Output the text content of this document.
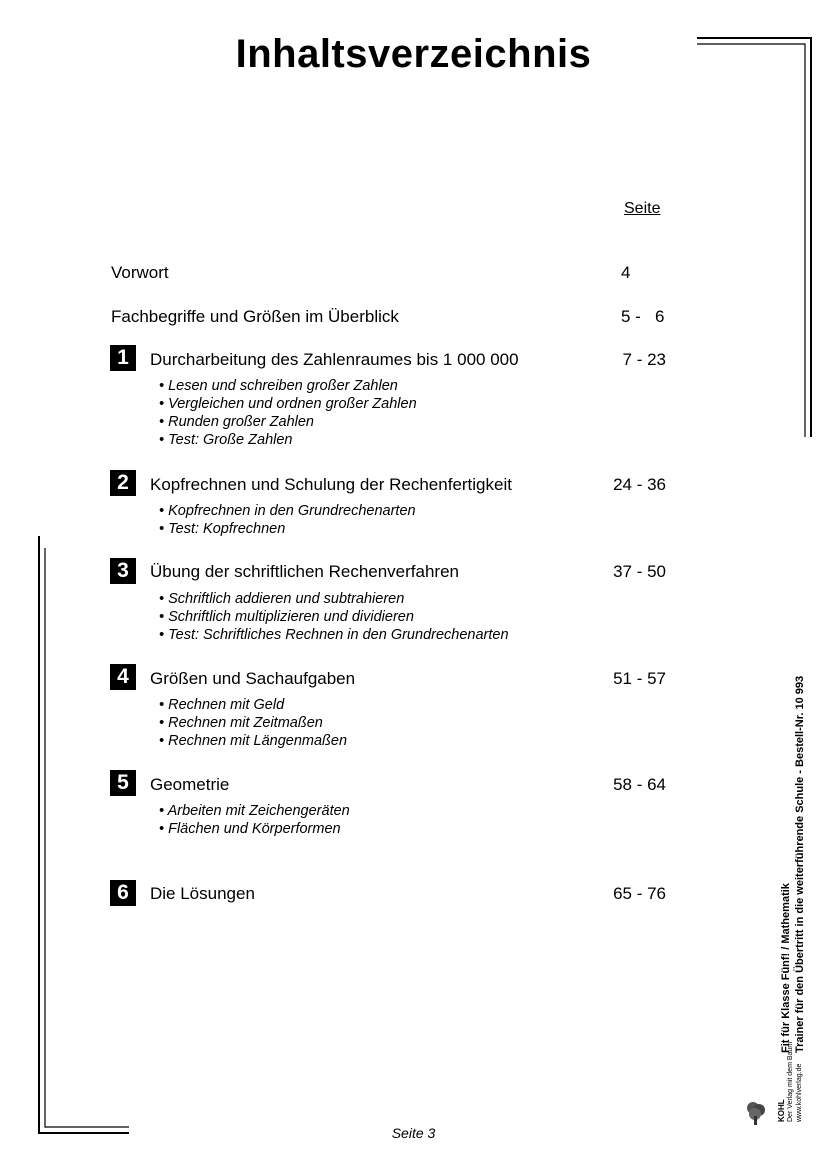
Inhaltsverzeichnis
Seite
Vorwort	4
Fachbegriffe und Größen im Überblick	5 -   6
1	Durcharbeitung des Zahlenraumes bis 1 000 000	7 - 23
• Lesen und schreiben großer Zahlen
• Vergleichen und ordnen großer Zahlen
• Runden großer Zahlen
• Test: Große Zahlen
2	Kopfrechnen und Schulung der Rechenfertigkeit	24 - 36
• Kopfrechnen in den Grundrechenarten
• Test: Kopfrechnen
3	Übung der schriftlichen Rechenverfahren	37 - 50
• Schriftlich addieren und subtrahieren
• Schriftlich multiplizieren und dividieren
• Test: Schriftliches Rechnen in den Grundrechenarten
4	Größen und Sachaufgaben	51 - 57
• Rechnen mit Geld
• Rechnen mit Zeitmaßen
• Rechnen mit Längenmaßen
5	Geometrie	58 - 64
• Arbeiten mit Zeichengeräten
• Flächen und Körperformen
6	Die Lösungen	65 - 76	Fit für Klasse Fünf! / Mathematik Trainer für den Übertritt in die weiterführende Schule - Bestell-Nr. 10 993
KOHL Der Verlag mit dem Baum www.kohlverlag.de
Seite 3
